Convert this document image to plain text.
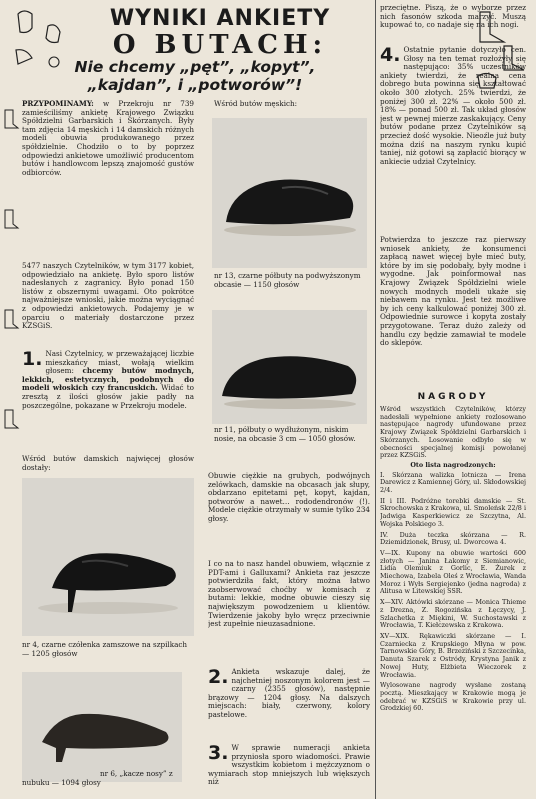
WYNIKI ANKIETY
O BUTACH:
Nie chcemy „pęt”, „kopyt”,
„kajdan”, i „potworów”!
PRZYPOMINAMY: w Przekroju nr 739 zamieściliśmy ankietę Krajowego Związku Spółdzielni Garbarskich i Skórzanych. Były tam zdjęcia 14 męskich i 14 damskich różnych modeli obuwia produkowanego przez spółdzielnie. Chodziło o to by poprzez odpowiedzi ankietowe umożliwić producentom butów i handlowcom lepszą znajomość gustów odbiorców.
5477 naszych Czytelników, w tym 3177 kobiet, odpowiedziało na ankietę. Było sporo listów nadesłanych z zagranicy. Było ponad 150 listów z obszernymi uwagami. Oto pokrótce najważniejsze wnioski, jakie można wyciągnąć z odpowiedzi ankietowych. Podajemy je w oparciu o materiały dostarczone przez KZSGiS.
1. Nasi Czytelnicy, w przeważającej liczbie mieszkańcy miast, wołają wielkim głosem: chcemy butów modnych, lekkich, estetycznych, podobnych do modeli włoskich czy francuskich. Widać to zresztą z ilości głosów jakie padły na poszczególne, pokazane w Przekroju modele.
Wśród butów damskich najwięcej głosów dostały:
nr 4, czarne czółenka zamszowe na szpilkach — 1205 głosów
nr 6, „kacze nosy” z
nubuku — 1094 głosy
Wśród butów męskich:
nr 13, czarne półbuty na podwyższonym obcasie — 1150 głosów
nr 11, półbuty o wydłużonym, niskim nosie, na obcasie 3 cm — 1050 głosów.
Obuwie ciężkie na grubych, podwójnych zelówkach, damskie na obcasach jak słupy, obdarzano epitetami pęt, kopyt, kajdan, potworów a nawet… rododendronów (!). Modele ciężkie otrzymały w sumie tylko 234 głosy.
I co na to nasz handel obuwiem, włącznie z PDT-ami i Galluxami? Ankieta raz jeszcze potwierdziła fakt, który można łatwo zaobserwować choćby w komisach z butami: lekkie, modne obuwie cieszy się największym powodzeniem u klientów. Twierdzenie jakoby było wręcz przeciwnie jest zupełnie nieuzasadnione.
2. Ankieta wskazuje dalej, że najchetniej noszonym kolorem jest — czarny (2355 głosów), następnie brązowy — 1204 głosy. Na dalszych miejscach: biały, czerwony, kolory pastelowe.
3. W sprawie numeracji ankieta przyniosła sporo wiadomości. Prawie wszystkim kobietom i mężczyznom o wymiarach stop mniejszych lub większych niż
przeciętne. Piszą, że o wyborze przez nich fasonów szkoda marzyć. Muszą kupować to, co nadaje się na ich nogi.
4. Ostatnie pytanie dotyczyło cen. Głosy na ten temat rozłożyły się następująco: 35% uczestników ankiety twierdzi, że realna cena dobrego buta powinna się kształtować około 300 złotych. 25% twierdzi, że poniżej 300 zł. 22% — około 500 zł. 18% — ponad 500 zł. Tak układ głosów jest w pewnej mierze zaskakujący. Ceny butów podane przez Czytelników są przecież dość wysokie. Nieoźle już buty można dziś na naszym rynku kupić taniej, niż gotowi są zapłacić biorący w ankiecie udział Czytelnicy.
Potwierdza to jeszcze raz pierwszy wniosek ankiety, że konsumenci zapłacą nawet więcej byłe mieć buty, które by im się podobały, były modne i wygodne. Jak poinformował nas Krajowy Związek Spółdzielni wiele nowych modnych modeli ukaże się niebawem na rynku. Jest też możliwe by ich ceny kalkulować poniżej 300 zł. Odpowiednie surowce i kopyta zostały przygotowane. Teraz dużo zależy od handlu czy będzie zamawiał te modele do sklepów.
NAGRODY
Wśród wszystkich Czytelników, którzy nadesłali wypełnione ankiety rozlosowano następujące nagrody ufundowane przez Krajowy Związek Spółdzielni Garbarskich i Skórzanych. Losowanie odbyło się w obecności specjalnej komisji powołanej przez KZSGiS.
Oto lista nagrodzonych:
I. Skórzana walizka lotnicza — Irena Darewicz z Kamiennej Góry, ul. Skłodowskiej 2/4.
II i III. Podróżne torebki damskie — St. Skrochowska z Krakowa, ul. Smoleńsk 22/8 i Jadwiga Kasperkiewicz ze Szczytna, Al. Wojska Polskiego 3.
IV. Duża teczka skórzana — R. Dziemidzionek, Brusy, ul. Dworcowa 4.
V—IX. Kupony na obuwie wartości 600 złotych — Janina Łakomy z Siemianowic, Lidia Olemiuk z Gorlic, E. Żurek z Miechowa, Izabela Oleś z Wrocławia, Wanda Moroz i Wyłs Sergiejenko (jedna nagroda) z Alitusa w Litewskiej SSR.
X—XIV. Aktówki skórzane — Monica Thieme z Drezna, Z. Rogozińska z Łęczycy, J. Szlachetka z Miękini, W. Suchostawski z Wrocławia, T. Kiełczewska z Krakowa.
XV—XIX. Rękawiczki skórzane — I. Czarniecka z Krupskiego Młyna w pow. Tarnowskie Góry, B. Brzeziński z Szczecinka, Danuta Szarek z Ostródy, Krystyna Janik z Nowej Huty, Elżbieta Wieczorek z Wrocławia.
Wylosowane nagrody wysłane zostaną pocztą. Mieszkający w Krakowie mogą je odebrać w KZSGiS w Krakowie przy ul. Grodzkiej 60.
